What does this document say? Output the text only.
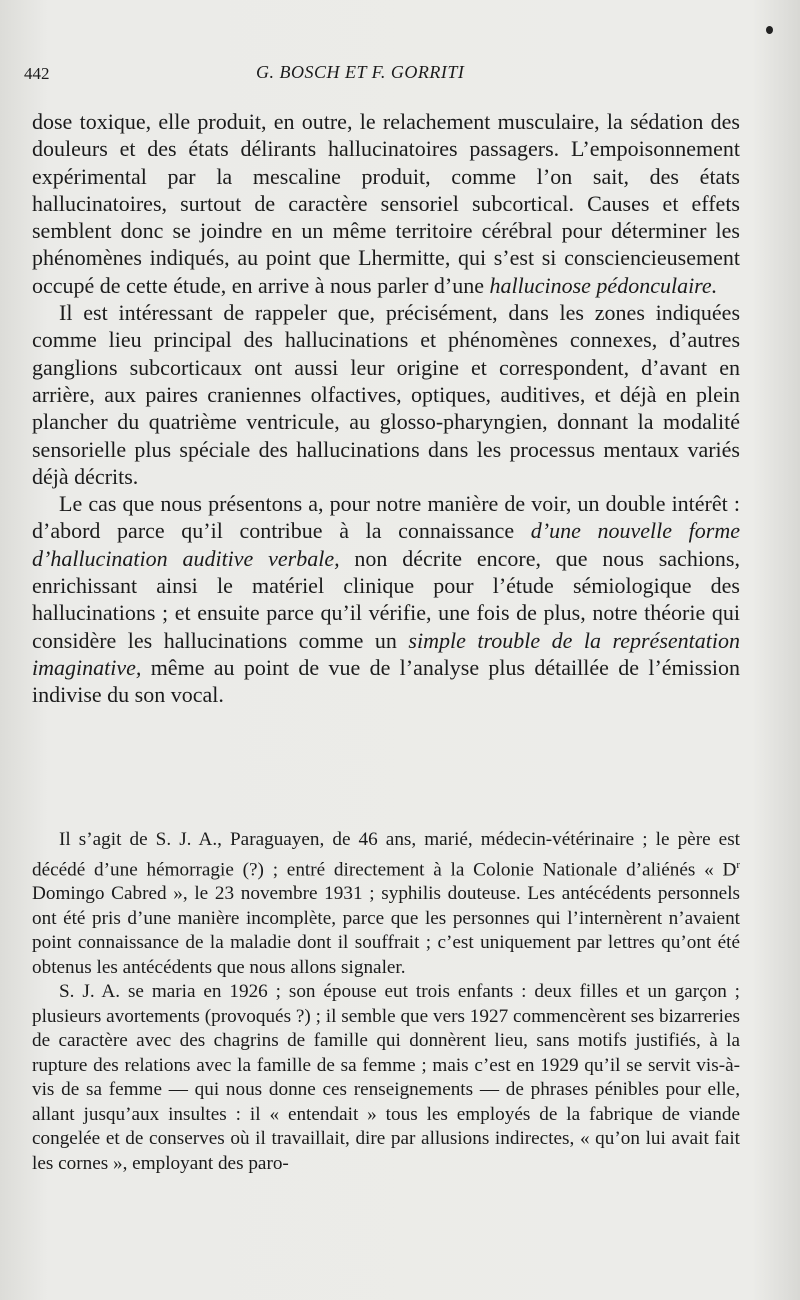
442	G. BOSCH ET F. GORRITI

dose toxique, elle produit, en outre, le relachement musculaire, la sédation des douleurs et des états délirants hallucinatoires passagers. L’empoisonnement expérimental par la mescaline produit, comme l’on sait, des états hallucinatoires, surtout de caractère sensoriel subcortical. Causes et effets semblent donc se joindre en un même territoire cérébral pour déterminer les phénomènes indiqués, au point que Lhermitte, qui s’est si consciencieusement occupé de cette étude, en arrive à nous parler d’une hallucinose pédonculaire.

Il est intéressant de rappeler que, précisément, dans les zones indiquées comme lieu principal des hallucinations et phénomènes connexes, d’autres ganglions subcorticaux ont aussi leur origine et correspondent, d’avant en arrière, aux paires craniennes olfactives, optiques, auditives, et déjà en plein plancher du quatrième ventricule, au glosso-pharyngien, donnant la modalité sensorielle plus spéciale des hallucinations dans les processus mentaux variés déjà décrits.

Le cas que nous présentons a, pour notre manière de voir, un double intérêt : d’abord parce qu’il contribue à la connaissance d’une nouvelle forme d’hallucination auditive verbale, non décrite encore, que nous sachions, enrichissant ainsi le matériel clinique pour l’étude sémiologique des hallucinations ; et ensuite parce qu’il vérifie, une fois de plus, notre théorie qui considère les hallucinations comme un simple trouble de la représentation imaginative, même au point de vue de l’analyse plus détaillée de l’émission indivise du son vocal.

Il s’agit de S. J. A., Paraguayen, de 46 ans, marié, médecin-vétérinaire ; le père est décédé d’une hémorragie (?) ; entré directement à la Colonie Nationale d’aliénés « $D^r$ Domingo Cabred », le 23 novembre 1931 ; syphilis douteuse. Les antécédents personnels ont été pris d’une manière incomplète, parce que les personnes qui l’internèrent n’avaient point connaissance de la maladie dont il souffrait ; c’est uniquement par lettres qu’ont été obtenus les antécédents que nous allons signaler.

S. J. A. se maria en 1926 ; son épouse eut trois enfants : deux filles et un garçon ; plusieurs avortements (provoqués ?) ; il semble que vers 1927 commencèrent ses bizarreries de caractère avec des chagrins de famille qui donnèrent lieu, sans motifs justifiés, à la rupture des relations avec la famille de sa femme ; mais c’est en 1929 qu’il se servit vis-à-vis de sa femme — qui nous donne ces renseignements — de phrases pénibles pour elle, allant jusqu’aux insultes : il « entendait » tous les employés de la fabrique de viande congelée et de conserves où il travaillait, dire par allusions indirectes, « qu’on lui avait fait les cornes », employant des paro-
